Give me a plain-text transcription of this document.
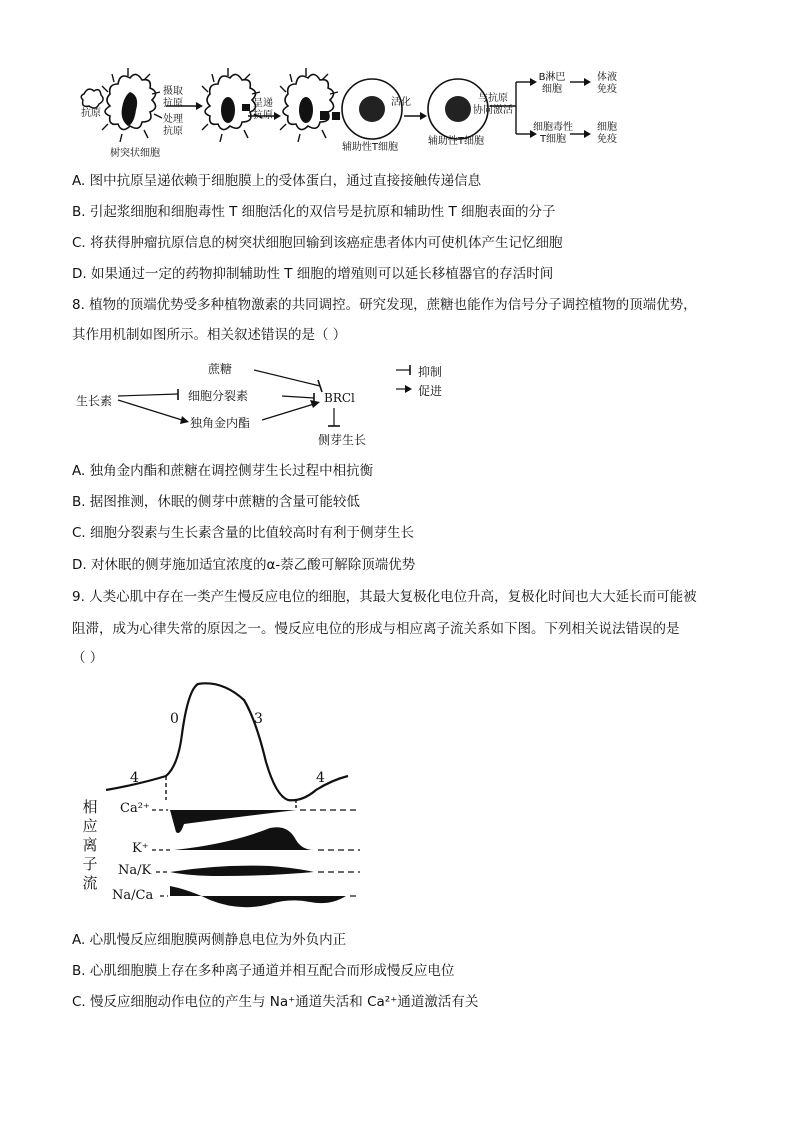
抗原
摄取
抗原
处理
抗原
树突状细胞
呈递
抗原
辅助性T细胞
活化
辅助性T细胞
与抗原
协同激活
B淋巴
细胞
体液
免疫
细胞毒性
T细胞
细胞
免疫
A. 图中抗原呈递依赖于细胞膜上的受体蛋白，通过直接接触传递信息
B. 引起浆细胞和细胞毒性 T 细胞活化的双信号是抗原和辅助性 T 细胞表面的分子
C. 将获得肿瘤抗原信息的树突状细胞回输到该癌症患者体内可使机体产生记忆细胞
D. 如果通过一定的药物抑制辅助性 T 细胞的增殖则可以延长移植器官的存活时间
8. 植物的顶端优势受多种植物激素的共同调控。研究发现，蔗糖也能作为信号分子调控植物的顶端优势，
其作用机制如图所示。相关叙述错误的是（ ）
蔗糖
生长素	细胞分裂素
独角金内酯
BRCl
侧芽生长
抑制
促进
A. 独角金内酯和蔗糖在调控侧芽生长过程中相抗衡
B. 据图推测，休眠的侧芽中蔗糖的含量可能较低
C. 细胞分裂素与生长素含量的比值较高时有利于侧芽生长
D. 对休眠的侧芽施加适宜浓度的α-萘乙酸可解除顶端优势
9. 人类心肌中存在一类产生慢反应电位的细胞，其最大复极化电位升高，复极化时间也大大延长而可能被
阻滞，成为心律失常的原因之一。慢反应电位的形成与相应离子流关系如下图。下列相关说法错误的是
（ ）
4
0	3
4
相
应
离
子
流
Ca²⁺
K⁺
Na/K
Na/Ca
A. 心肌慢反应细胞膜两侧静息电位为外负内正
B. 心肌细胞膜上存在多种离子通道并相互配合而形成慢反应电位
C. 慢反应细胞动作电位的产生与 Na⁺通道失活和 Ca²⁺通道激活有关
